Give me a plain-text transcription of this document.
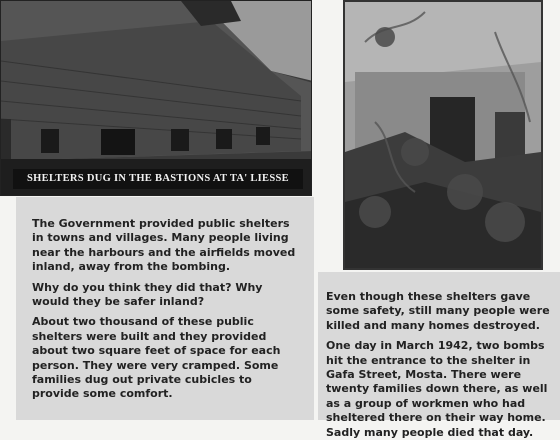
SHELTERS DUG IN THE BASTIONS AT TA' LIESSE

The Government provided public shelters in towns and villages. Many people living near the harbours and the airfields moved inland, away from the bombing.

Why do you think they did that? Why would they be safer inland?

About two thousand of these public shelters were built and they provided about two square feet of space for each person. They were very cramped. Some families dug out private cubicles to provide some comfort.

Even though these shelters gave some safety, still many people were killed and many homes destroyed.

One day in March 1942, two bombs hit the entrance to the shelter in Gafa Street, Mosta. There were twenty families down there, as well as a group of workmen who had sheltered there on their way home. Sadly many people died that day.
